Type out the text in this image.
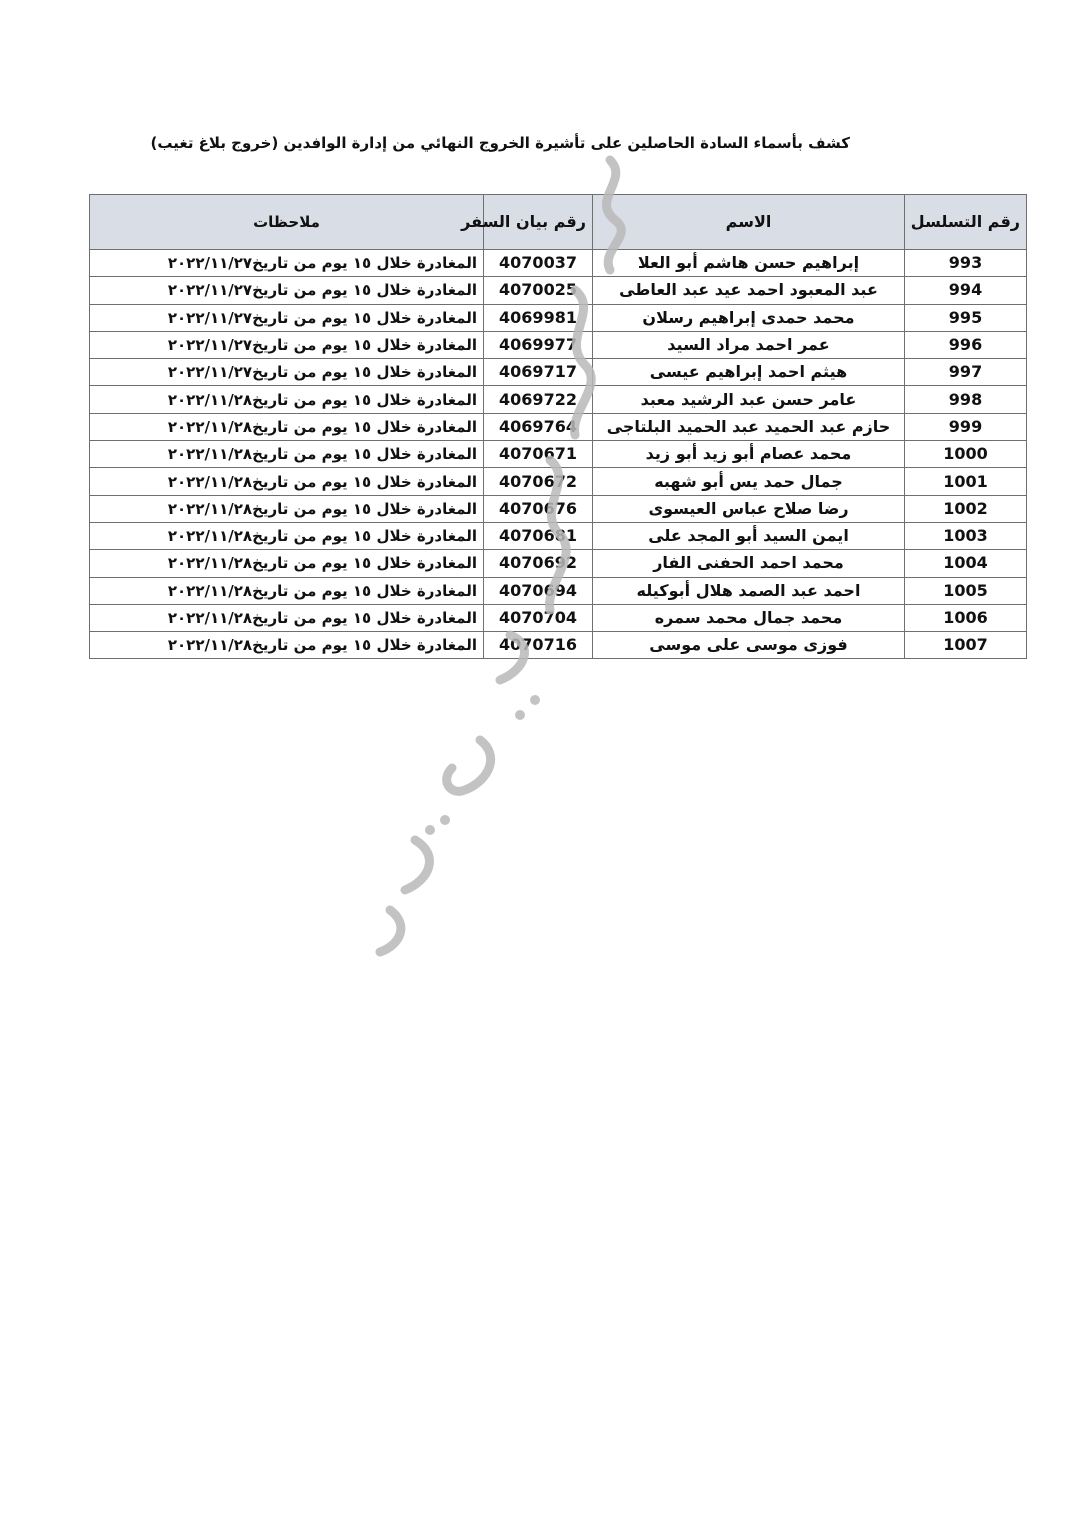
كشف بأسماء السادة الحاصلين على تأشيرة الخروج النهائي من إدارة الوافدين (خروج بلاغ تغيب)
رقم التسلسل	الاسم	رقم بيان السفر	ملاحظات
993	إبراهيم حسن هاشم أبو العلا	4070037	المغادرة خلال ١٥ يوم من تاريخ٢٠٢٢/١١/٢٧
994	عبد المعبود احمد عيد عبد العاطى	4070025	المغادرة خلال ١٥ يوم من تاريخ٢٠٢٢/١١/٢٧
995	محمد حمدى إبراهيم رسلان	4069981	المغادرة خلال ١٥ يوم من تاريخ٢٠٢٢/١١/٢٧
996	عمر احمد مراد السيد	4069977	المغادرة خلال ١٥ يوم من تاريخ٢٠٢٢/١١/٢٧
997	هيثم احمد إبراهيم عيسى	4069717	المغادرة خلال ١٥ يوم من تاريخ٢٠٢٢/١١/٢٧
998	عامر حسن عبد الرشيد معبد	4069722	المغادرة خلال ١٥ يوم من تاريخ٢٠٢٢/١١/٢٨
999	حازم عبد الحميد عبد الحميد البلتاجى	4069764	المغادرة خلال ١٥ يوم من تاريخ٢٠٢٢/١١/٢٨
1000	محمد عصام أبو زيد أبو زيد	4070671	المغادرة خلال ١٥ يوم من تاريخ٢٠٢٢/١١/٢٨
1001	جمال حمد يس أبو شهبه	4070672	المغادرة خلال ١٥ يوم من تاريخ٢٠٢٢/١١/٢٨
1002	رضا صلاح عباس العيسوى	4070676	المغادرة خلال ١٥ يوم من تاريخ٢٠٢٢/١١/٢٨
1003	ايمن السيد أبو المجد على	4070681	المغادرة خلال ١٥ يوم من تاريخ٢٠٢٢/١١/٢٨
1004	محمد احمد الحفنى الفار	4070692	المغادرة خلال ١٥ يوم من تاريخ٢٠٢٢/١١/٢٨
1005	احمد عبد الصمد هلال أبوكيله	4070694	المغادرة خلال ١٥ يوم من تاريخ٢٠٢٢/١١/٢٨
1006	محمد جمال محمد سمره	4070704	المغادرة خلال ١٥ يوم من تاريخ٢٠٢٢/١١/٢٨
1007	فوزى موسى على موسى	4070716	المغادرة خلال ١٥ يوم من تاريخ٢٠٢٢/١١/٢٨
